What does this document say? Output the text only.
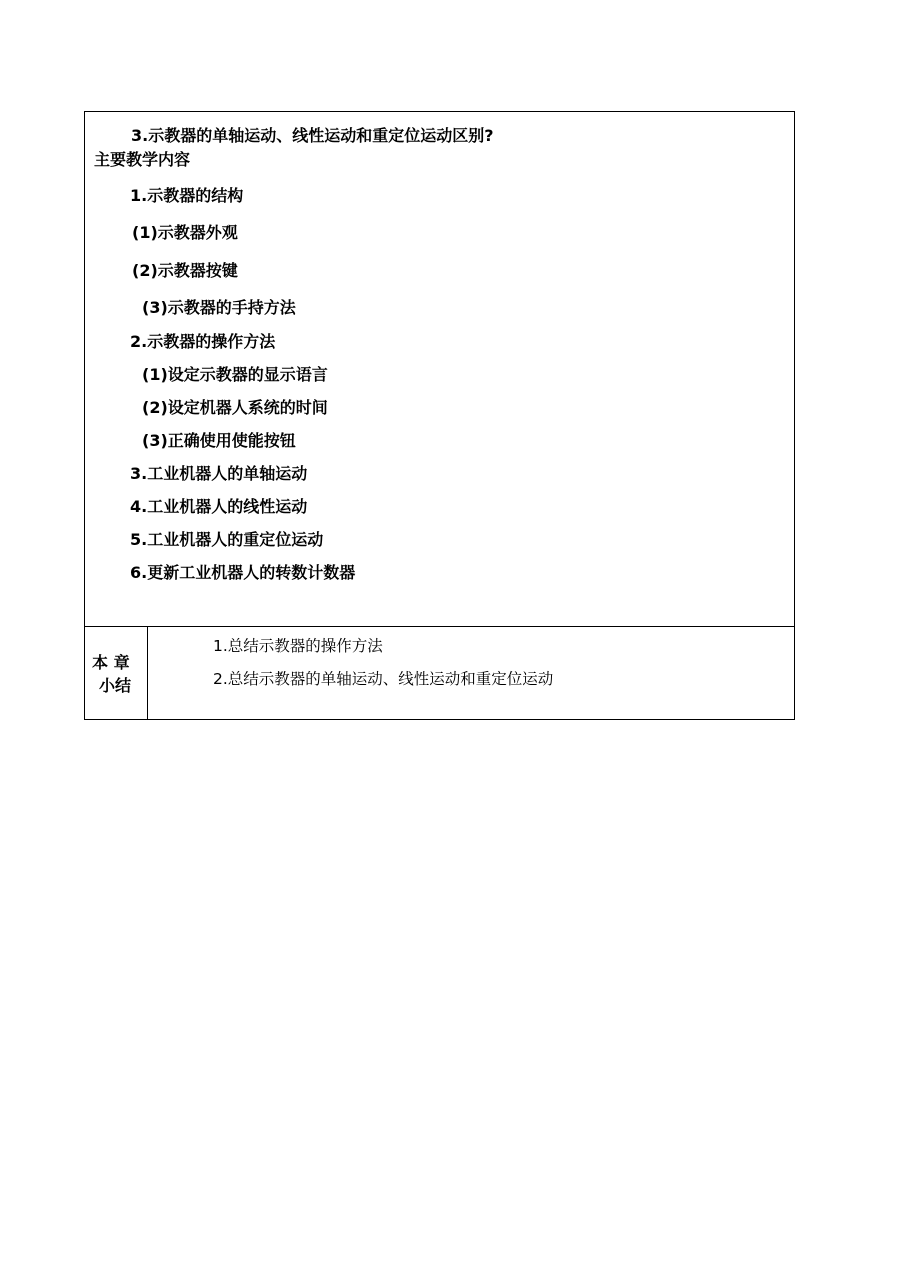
3.示教器的单轴运动、线性运动和重定位运动区别?
主要教学内容
1.示教器的结构
(1)示教器外观
(2)示教器按键
(3)示教器的手持方法
2.示教器的操作方法
(1)设定示教器的显示语言
(2)设定机器人系统的时间
(3)正确使用使能按钮
3.工业机器人的单轴运动
4.工业机器人的线性运动
5.工业机器人的重定位运动
6.更新工业机器人的转数计数器
本 章
小结
1.总结示教器的操作方法
2.总结示教器的单轴运动、线性运动和重定位运动
